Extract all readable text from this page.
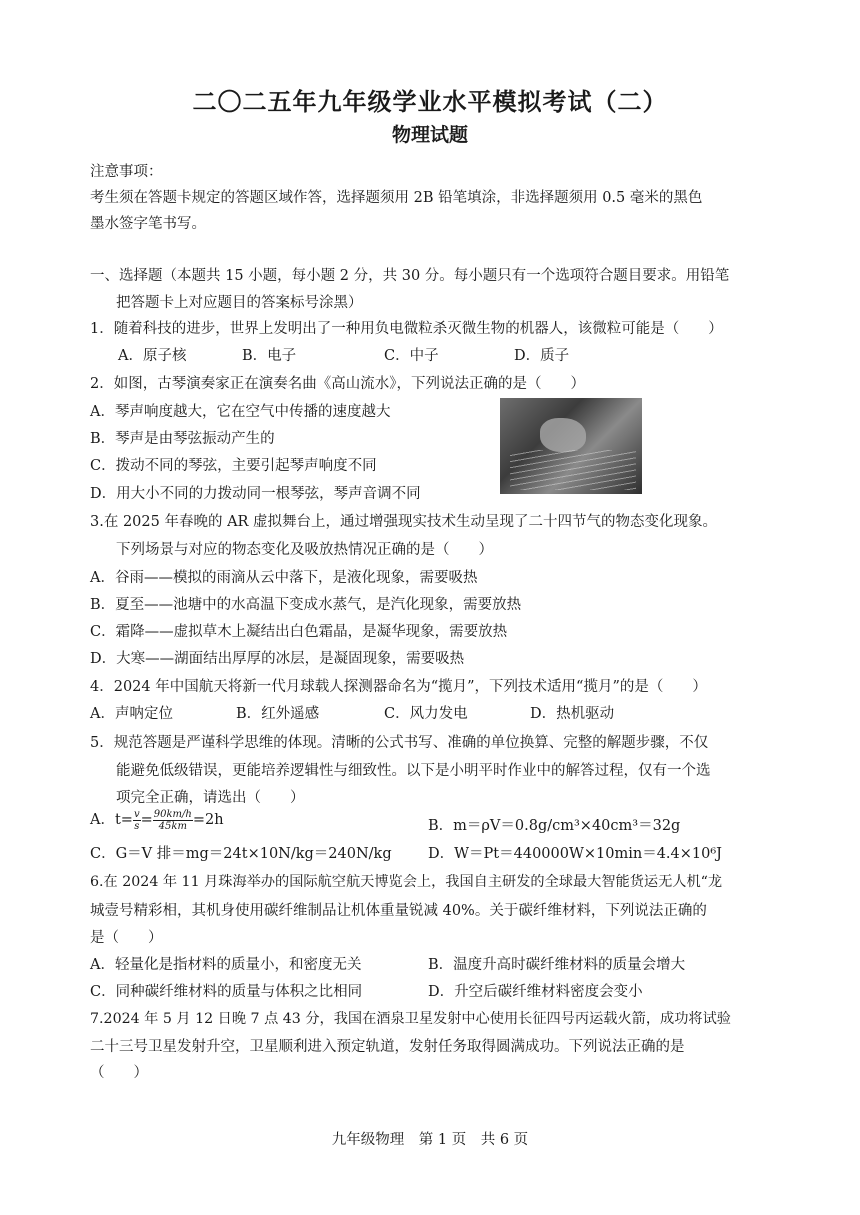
二〇二五年九年级学业水平模拟考试（二）
物理试题
注意事项：
考生须在答题卡规定的答题区域作答，选择题须用 2B 铅笔填涂，非选择题须用 0.5 毫米的黑色
墨水签字笔书写。
一、选择题（本题共 15 小题，每小题 2 分，共 30 分。每小题只有一个选项符合题目要求。用铅笔
把答题卡上对应题目的答案标号涂黑）
1．随着科技的进步，世界上发明出了一种用负电微粒杀灭微生物的机器人，该微粒可能是（　　）
A．原子核	B．电子	C．中子	D．质子
2．如图，古琴演奏家正在演奏名曲《高山流水》，下列说法正确的是（　　）
A．琴声响度越大，它在空气中传播的速度越大
B．琴声是由琴弦振动产生的
C．拨动不同的琴弦，主要引起琴声响度不同
D．用大小不同的力拨动同一根琴弦，琴声音调不同
3.在 2025 年春晚的 AR 虚拟舞台上，通过增强现实技术生动呈现了二十四节气的物态变化现象。
下列场景与对应的物态变化及吸放热情况正确的是（　　）
A．谷雨——模拟的雨滴从云中落下，是液化现象，需要吸热
B．夏至——池塘中的水高温下变成水蒸气，是汽化现象，需要放热
C．霜降——虚拟草木上凝结出白色霜晶，是凝华现象，需要放热
D．大寒——湖面结出厚厚的冰层，是凝固现象，需要吸热
4．2024 年中国航天将新一代月球载人探测器命名为“揽月”，下列技术适用“揽月”的是（　　）
A．声呐定位	B．红外遥感	C．风力发电	D．热机驱动
5．规范答题是严谨科学思维的体现。清晰的公式书写、准确的单位换算、完整的解题步骤，不仅
能避免低级错误，更能培养逻辑性与细致性。以下是小明平时作业中的解答过程，仅有一个选
项完全正确，请选出（　　）
A．$t= \frac{v}{s} = \frac{90km/h}{45km} =2h$	B．m＝ρV＝0.8g/cm³×40cm³＝32g
C．G＝V 排＝mg＝24t×10N/kg＝240N/kg	D．W＝Pt＝440000W×10min＝4.4×10⁶J
6.在 2024 年 11 月珠海举办的国际航空航天博览会上，我国自主研发的全球最大智能货运无人机“龙
城壹号精彩相，其机身使用碳纤维制品让机体重量锐减 40%。关于碳纤维材料，下列说法正确的
是（　　）
A．轻量化是指材料的质量小，和密度无关	B．温度升高时碳纤维材料的质量会增大
C．同种碳纤维材料的质量与体积之比相同	D．升空后碳纤维材料密度会变小
7.2024 年 5 月 12 日晚 7 点 43 分，我国在酒泉卫星发射中心使用长征四号丙运载火箭，成功将试验
二十三号卫星发射升空，卫星顺利进入预定轨道，发射任务取得圆满成功。下列说法正确的是
（　　）
九年级物理　第 1 页　共 6 页
